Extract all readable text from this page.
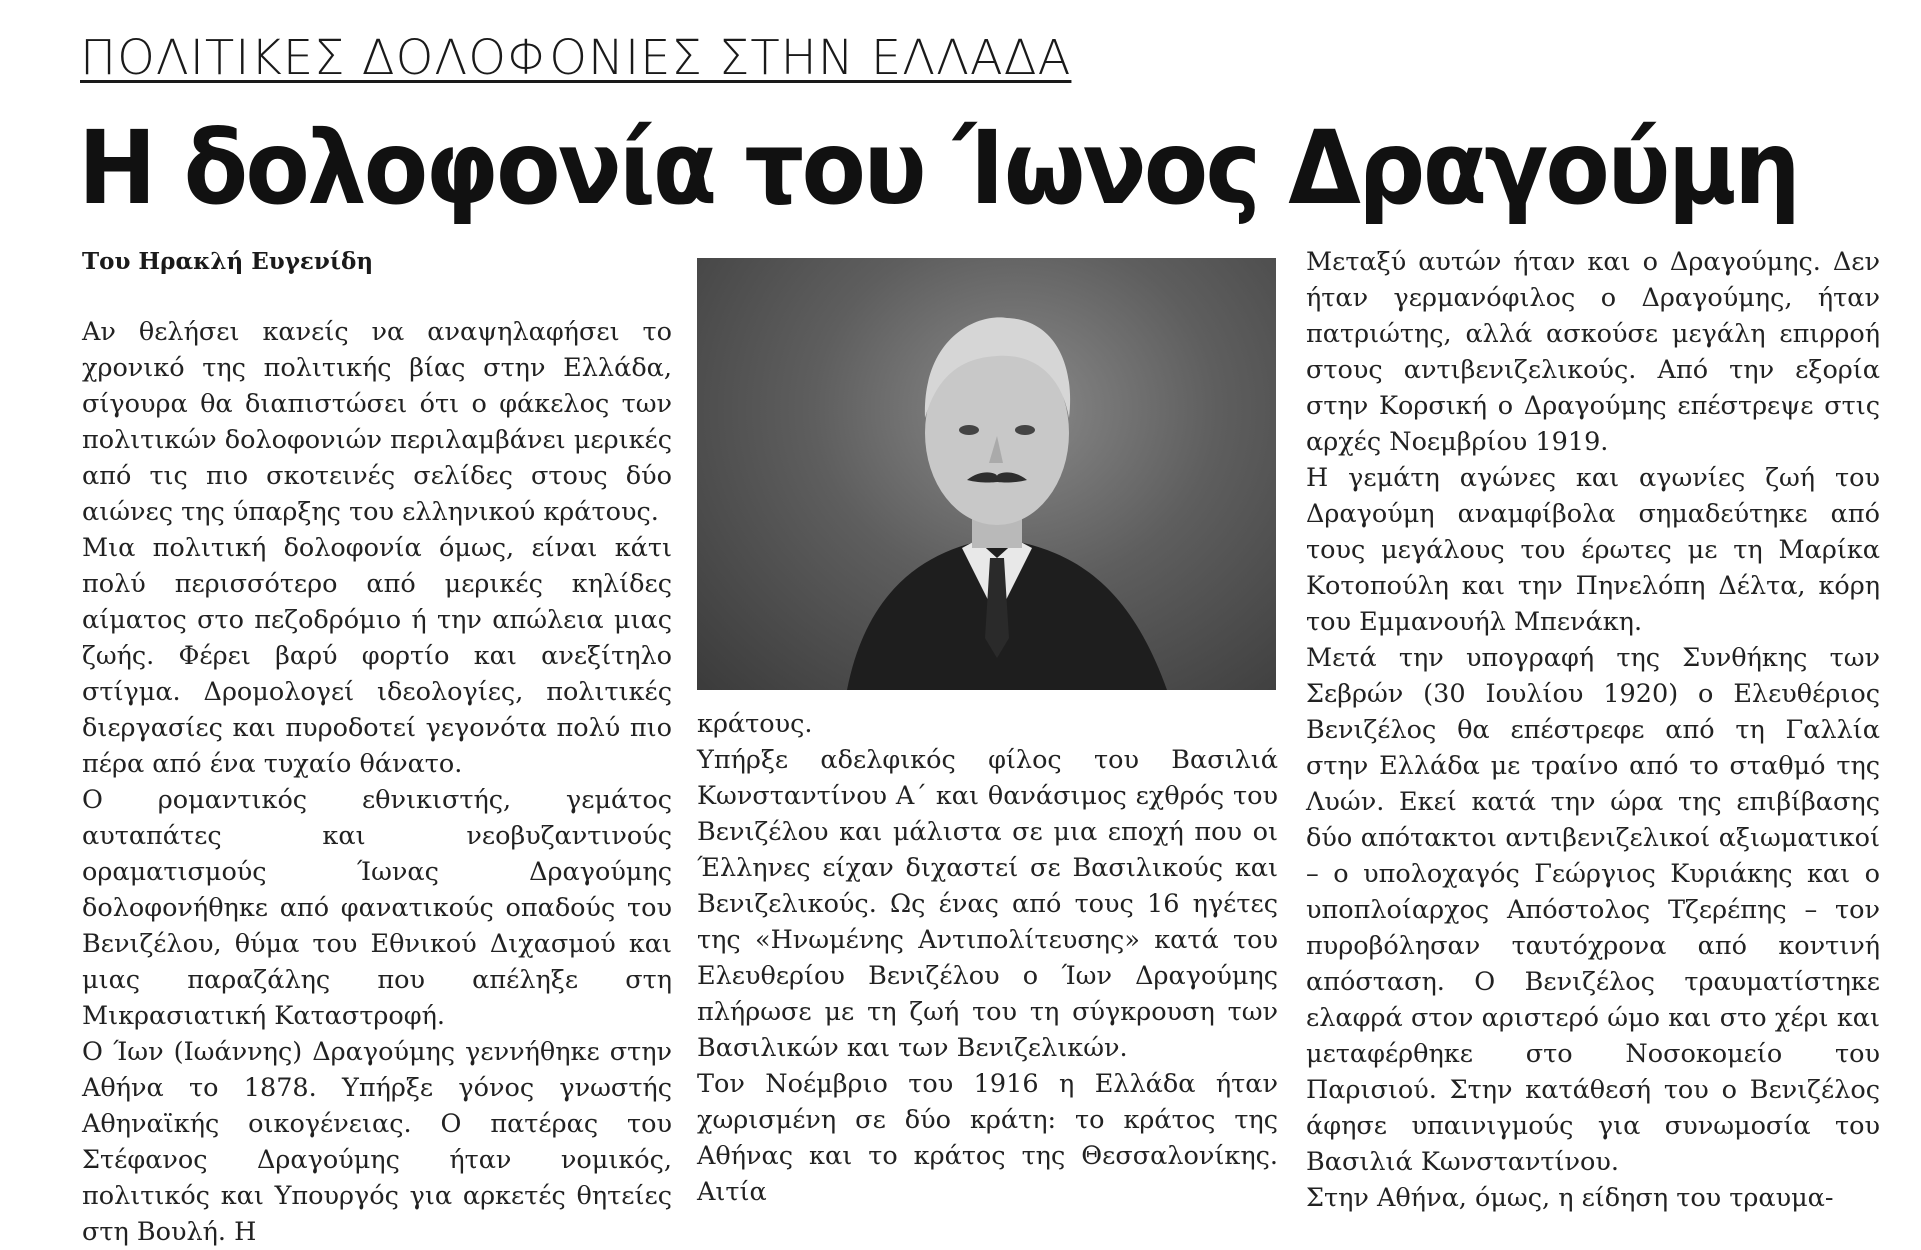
ΠΟΛΙΤΙΚΕΣ ΔΟΛΟΦΟΝΙΕΣ ΣΤΗΝ ΕΛΛΑΔΑ
Η δολοφονία του Ίωνος Δραγούμη
Του Ηρακλή Ευγενίδη

Αν θελήσει κανείς να αναψηλαφήσει το χρονικό της πολιτικής βίας στην Ελλάδα, σίγουρα θα διαπιστώσει ότι ο φάκελος των πολιτικών δολοφονιών περιλαμβάνει μερικές από τις πιο σκοτεινές σελίδες στους δύο αιώνες της ύπαρξης του ελληνικού κράτους.

Μια πολιτική δολοφονία όμως, είναι κάτι πολύ περισσότερο από μερικές κηλίδες αίματος στο πεζοδρόμιο ή την απώλεια μιας ζωής. Φέρει βαρύ φορτίο και ανεξίτηλο στίγμα. Δρομολογεί ιδεολογίες, πολιτικές διεργασίες και πυροδοτεί γεγονότα πολύ πιο πέρα από ένα τυχαίο θάνατο.

Ο ρομαντικός εθνικιστής, γεμάτος αυταπάτες και νεοβυζαντινούς οραματισμούς Ίωνας Δραγούμης δολοφονήθηκε από φανατικούς οπαδούς του Βενιζέλου, θύμα του Εθνικού Διχασμού και μιας παραζάλης που απέληξε στη Μικρασιατική Καταστροφή.

Ο Ίων (Ιωάννης) Δραγούμης γεννήθηκε στην Αθήνα το 1878. Υπήρξε γόνος γνωστής Αθηναϊκής οικογένειας. Ο πατέρας του Στέφανος Δραγούμης ήταν νομικός, πολιτικός και Υπουργός για αρκετές θητείες στη Βουλή. Η

κράτους.

Υπήρξε αδελφικός φίλος του Βασιλιά Κωνσταντίνου Α΄ και θανάσιμος εχθρός του Βενιζέλου και μάλιστα σε μια εποχή που οι Έλληνες είχαν διχαστεί σε Βασιλικούς και Βενιζελικούς. Ως ένας από τους 16 ηγέτες της «Ηνωμένης Αντιπολίτευσης» κατά του Ελευθερίου Βενιζέλου ο Ίων Δραγούμης πλήρωσε με τη ζωή του τη σύγκρουση των Βασιλικών και των Βενιζελικών.

Τον Νοέμβριο του 1916 η Ελλάδα ήταν χωρισμένη σε δύο κράτη: το κράτος της Αθήνας και το κράτος της Θεσσαλονίκης. Αιτία

Μεταξύ αυτών ήταν και ο Δραγούμης. Δεν ήταν γερμανόφιλος ο Δραγούμης, ήταν πατριώτης, αλλά ασκούσε μεγάλη επιρροή στους αντιβενιζελικούς. Από την εξορία στην Κορσική ο Δραγούμης επέστρεψε στις αρχές Νοεμβρίου 1919.

Η γεμάτη αγώνες και αγωνίες ζωή του Δραγούμη αναμφίβολα σημαδεύτηκε από τους μεγάλους του έρωτες με τη Μαρίκα Κοτοπούλη και την Πηνελόπη Δέλτα, κόρη του Εμμανουήλ Μπενάκη.

Μετά την υπογραφή της Συνθήκης των Σεβρών (30 Ιουλίου 1920) ο Ελευθέριος Βενιζέλος θα επέστρεφε από τη Γαλλία στην Ελλάδα με τραίνο από το σταθμό της Λυών. Εκεί κατά την ώρα της επιβίβασης δύο απότακτοι αντιβενιζελικοί αξιωματικοί – ο υπολοχαγός Γεώργιος Κυριάκης και ο υποπλοίαρχος Απόστολος Τζερέπης – τον πυροβόλησαν ταυτόχρονα από κοντινή απόσταση. Ο Βενιζέλος τραυματίστηκε ελαφρά στον αριστερό ώμο και στο χέρι και μεταφέρθηκε στο Νοσοκομείο του Παρισιού. Στην κατάθεσή του ο Βενιζέλος άφησε υπαινιγμούς για συνωμοσία του Βασιλιά Κωνσταντίνου.

Στην Αθήνα, όμως, η είδηση του τραυμα-
